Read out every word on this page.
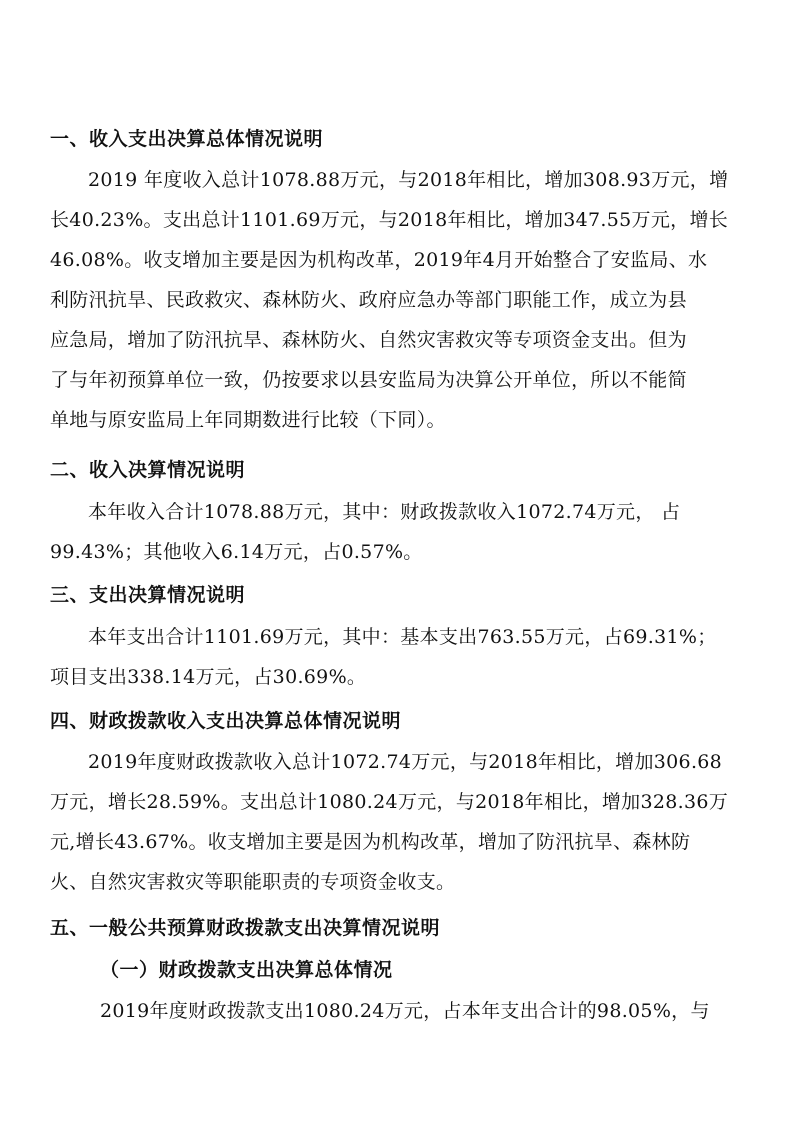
一、收入支出决算总体情况说明

2019 年度收入总计1078.88万元，与2018年相比，增加308.93万元，增

长40.23%。支出总计1101.69万元，与2018年相比，增加347.55万元，增长

46.08%。收支增加主要是因为机构改革，2019年4月开始整合了安监局、水

利防汛抗旱、民政救灾、森林防火、政府应急办等部门职能工作，成立为县

应急局，增加了防汛抗旱、森林防火、自然灾害救灾等专项资金支出。但为

了与年初预算单位一致，仍按要求以县安监局为决算公开单位，所以不能简

单地与原安监局上年同期数进行比较（下同）。

二、收入决算情况说明

本年收入合计1078.88万元，其中：财政拨款收入1072.74万元， 占

99.43%；其他收入6.14万元，占0.57%。

三、支出决算情况说明

本年支出合计1101.69万元，其中：基本支出763.55万元，占69.31%；

项目支出338.14万元，占30.69%。

四、财政拨款收入支出决算总体情况说明

2019年度财政拨款收入总计1072.74万元，与2018年相比，增加306.68

万元，增长28.59%。支出总计1080.24万元，与2018年相比，增加328.36万

元,增长43.67%。收支增加主要是因为机构改革，增加了防汛抗旱、森林防

火、自然灾害救灾等职能职责的专项资金收支。

五、一般公共预算财政拨款支出决算情况说明
（一）财政拨款支出决算总体情况

2019年度财政拨款支出1080.24万元，占本年支出合计的98.05%，与
